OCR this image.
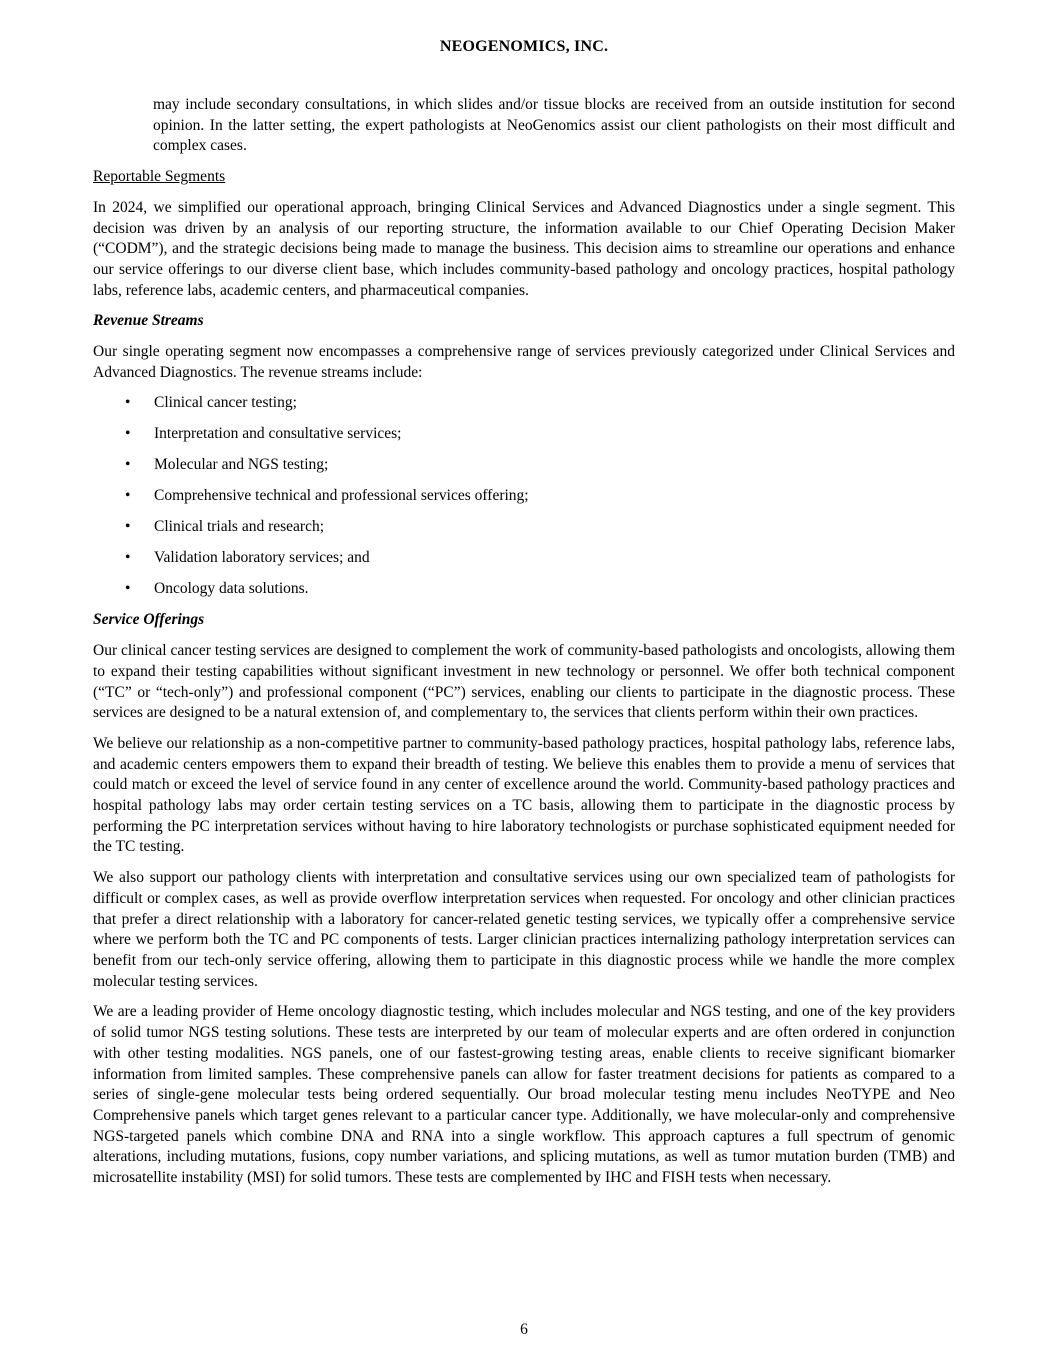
NEOGENOMICS, INC.

may include secondary consultations, in which slides and/or tissue blocks are received from an outside institution for second opinion. In the latter setting, the expert pathologists at NeoGenomics assist our client pathologists on their most difficult and complex cases.

Reportable Segments

In 2024, we simplified our operational approach, bringing Clinical Services and Advanced Diagnostics under a single segment. This decision was driven by an analysis of our reporting structure, the information available to our Chief Operating Decision Maker (“CODM”), and the strategic decisions being made to manage the business. This decision aims to streamline our operations and enhance our service offerings to our diverse client base, which includes community-based pathology and oncology practices, hospital pathology labs, reference labs, academic centers, and pharmaceutical companies.

Revenue Streams

Our single operating segment now encompasses a comprehensive range of services previously categorized under Clinical Services and Advanced Diagnostics. The revenue streams include:

•	Clinical cancer testing;
•	Interpretation and consultative services;
•	Molecular and NGS testing;
•	Comprehensive technical and professional services offering;
•	Clinical trials and research;
•	Validation laboratory services; and
•	Oncology data solutions.
Service Offerings

Our clinical cancer testing services are designed to complement the work of community-based pathologists and oncologists, allowing them to expand their testing capabilities without significant investment in new technology or personnel. We offer both technical component (“TC” or “tech-only”) and professional component (“PC”) services, enabling our clients to participate in the diagnostic process. These services are designed to be a natural extension of, and complementary to, the services that clients perform within their own practices.

We believe our relationship as a non-competitive partner to community-based pathology practices, hospital pathology labs, reference labs, and academic centers empowers them to expand their breadth of testing. We believe this enables them to provide a menu of services that could match or exceed the level of service found in any center of excellence around the world. Community-based pathology practices and hospital pathology labs may order certain testing services on a TC basis, allowing them to participate in the diagnostic process by performing the PC interpretation services without having to hire laboratory technologists or purchase sophisticated equipment needed for the TC testing.

We also support our pathology clients with interpretation and consultative services using our own specialized team of pathologists for difficult or complex cases, as well as provide overflow interpretation services when requested. For oncology and other clinician practices that prefer a direct relationship with a laboratory for cancer-related genetic testing services, we typically offer a comprehensive service where we perform both the TC and PC components of tests. Larger clinician practices internalizing pathology interpretation services can benefit from our tech-only service offering, allowing them to participate in this diagnostic process while we handle the more complex molecular testing services.

We are a leading provider of Heme oncology diagnostic testing, which includes molecular and NGS testing, and one of the key providers of solid tumor NGS testing solutions. These tests are interpreted by our team of molecular experts and are often ordered in conjunction with other testing modalities. NGS panels, one of our fastest-growing testing areas, enable clients to receive significant biomarker information from limited samples. These comprehensive panels can allow for faster treatment decisions for patients as compared to a series of single-gene molecular tests being ordered sequentially. Our broad molecular testing menu includes NeoTYPE and Neo Comprehensive panels which target genes relevant to a particular cancer type. Additionally, we have molecular-only and comprehensive NGS-targeted panels which combine DNA and RNA into a single workflow. This approach captures a full spectrum of genomic alterations, including mutations, fusions, copy number variations, and splicing mutations, as well as tumor mutation burden (TMB) and microsatellite instability (MSI) for solid tumors. These tests are complemented by IHC and FISH tests when necessary.

6
